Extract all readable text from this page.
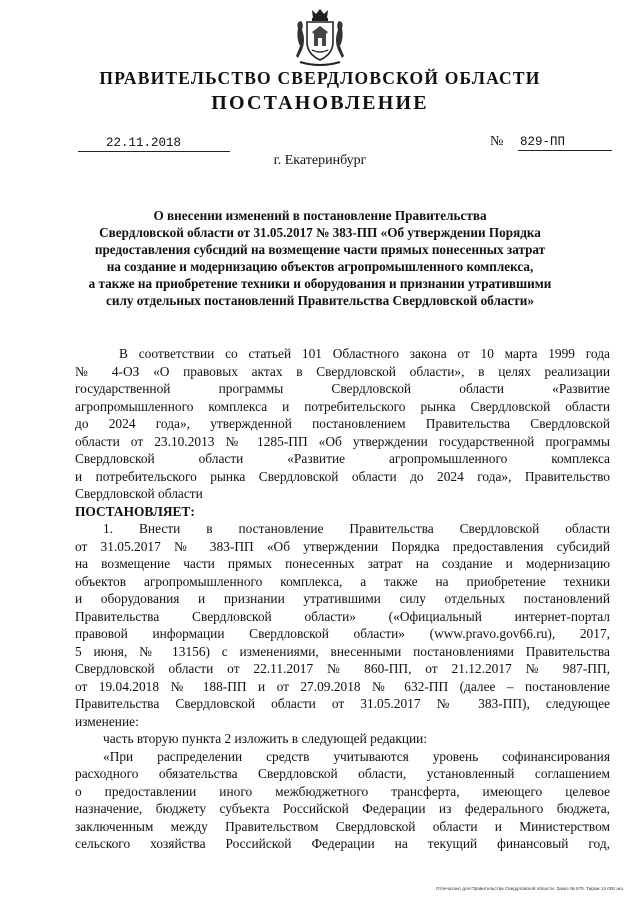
ПРАВИТЕЛЬСТВО СВЕРДЛОВСКОЙ ОБЛАСТИ
ПОСТАНОВЛЕНИЕ
22.11.2018	№ 829-ПП
г. Екатеринбург
О внесении изменений в постановление Правительства
Свердловской области от 31.05.2017 № 383-ПП «Об утверждении Порядка
предоставления субсидий на возмещение части прямых понесенных затрат
на создание и модернизацию объектов агропромышленного комплекса,
а также на приобретение техники и оборудования и признании утратившими
силу отдельных постановлений Правительства Свердловской области»
В соответствии со статьей 101 Областного закона от 10 марта 1999 года
№ 4-ОЗ «О правовых актах в Свердловской области», в целях реализации
государственной программы Свердловской области «Развитие
агропромышленного комплекса и потребительского рынка Свердловской области
до 2024 года», утвержденной постановлением Правительства Свердловской
области от 23.10.2013 № 1285-ПП «Об утверждении государственной программы
Свердловской области «Развитие агропромышленного комплекса
и потребительского рынка Свердловской области до 2024 года», Правительство
Свердловской области
ПОСТАНОВЛЯЕТ:
1. Внести в постановление Правительства Свердловской области
от 31.05.2017 № 383-ПП «Об утверждении Порядка предоставления субсидий
на возмещение части прямых понесенных затрат на создание и модернизацию
объектов агропромышленного комплекса, а также на приобретение техники
и оборудования и признании утратившими силу отдельных постановлений
Правительства Свердловской области» («Официальный интернет-портал
правовой информации Свердловской области» (www.pravo.gov66.ru), 2017,
5 июня, № 13156) с изменениями, внесенными постановлениями Правительства
Свердловской области от 22.11.2017 № 860-ПП, от 21.12.2017 № 987-ПП,
от 19.04.2018 № 188-ПП и от 27.09.2018 № 632-ПП (далее – постановление
Правительства Свердловской области от 31.05.2017 № 383-ПП), следующее
изменение:
часть вторую пункта 2 изложить в следующей редакции:
«При распределении средств учитываются уровень софинансирования
расходного обязательства Свердловской области, установленный соглашением
о предоставлении иного межбюджетного трансферта, имеющего целевое
назначение, бюджету субъекта Российской Федерации из федерального бюджета,
заключенным между Правительством Свердловской области и Министерством
сельского хозяйства Российской Федерации на текущий финансовый год,
Отпечатано для Правительства Свердловской области. Заказ № 575. Тираж 14 000 экз.
